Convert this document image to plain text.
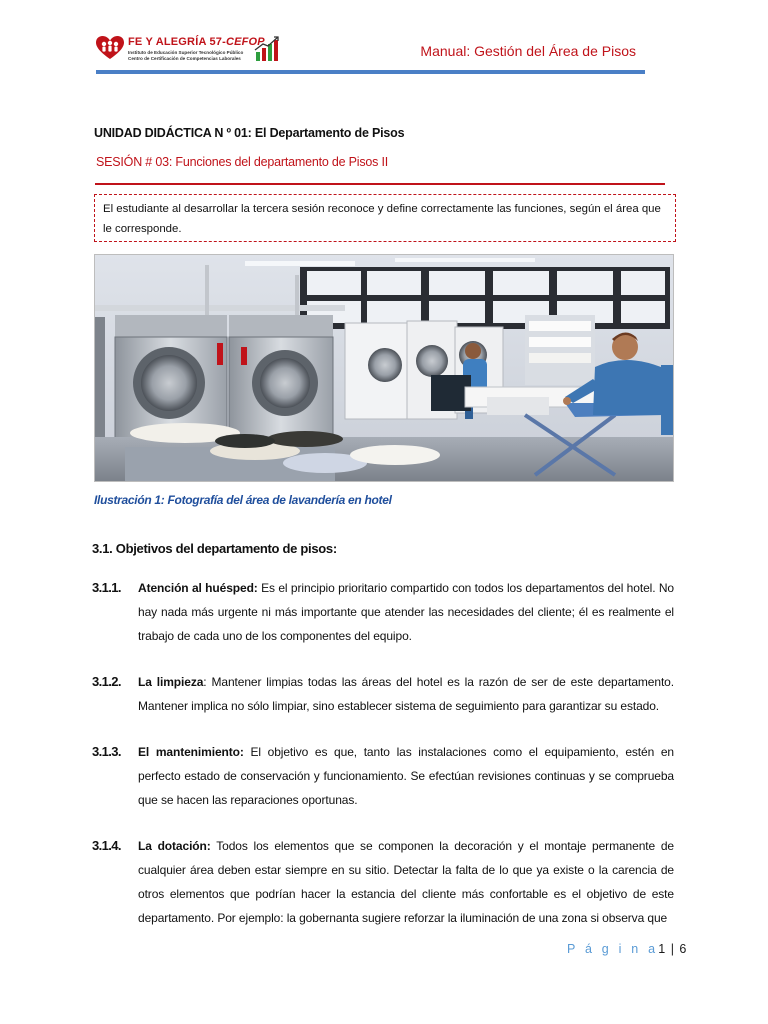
FE Y ALEGRÍA 57-CEFOP
Instituto de Educación Superior Tecnológico Público
Centro de Certificación de Competencias Laborales	Manual: Gestión del Área de Pisos
UNIDAD DIDÁCTICA N º 01: El Departamento de Pisos
SESIÓN # 03: Funciones del departamento de Pisos II
El estudiante al desarrollar la tercera sesión reconoce y define correctamente las funciones, según el área que le corresponde.
Ilustración 1: Fotografía del área de lavandería en hotel
3.1. Objetivos del departamento de pisos:
3.1.1. Atención al huésped: Es el principio prioritario compartido con todos los departamentos del hotel. No hay nada más urgente ni más importante que atender las necesidades del cliente; él es realmente el trabajo de cada uno de los componentes del equipo.
3.1.2. La limpieza: Mantener limpias todas las áreas del hotel es la razón de ser de este departamento. Mantener implica no sólo limpiar, sino establecer sistema de seguimiento para garantizar su estado.
3.1.3. El mantenimiento: El objetivo es que, tanto las instalaciones como el equipamiento, estén en perfecto estado de conservación y funcionamiento. Se efectúan revisiones continuas y se comprueba que se hacen las reparaciones oportunas.
3.1.4. La dotación: Todos los elementos que se componen la decoración y el montaje permanente de cualquier área deben estar siempre en su sitio. Detectar la falta de lo que ya existe o la carencia de otros elementos que podrían hacer la estancia del cliente más confortable es el objetivo de este departamento. Por ejemplo: la gobernanta sugiere reforzar la iluminación de una zona si observa que
P á g i n a1 | 6
